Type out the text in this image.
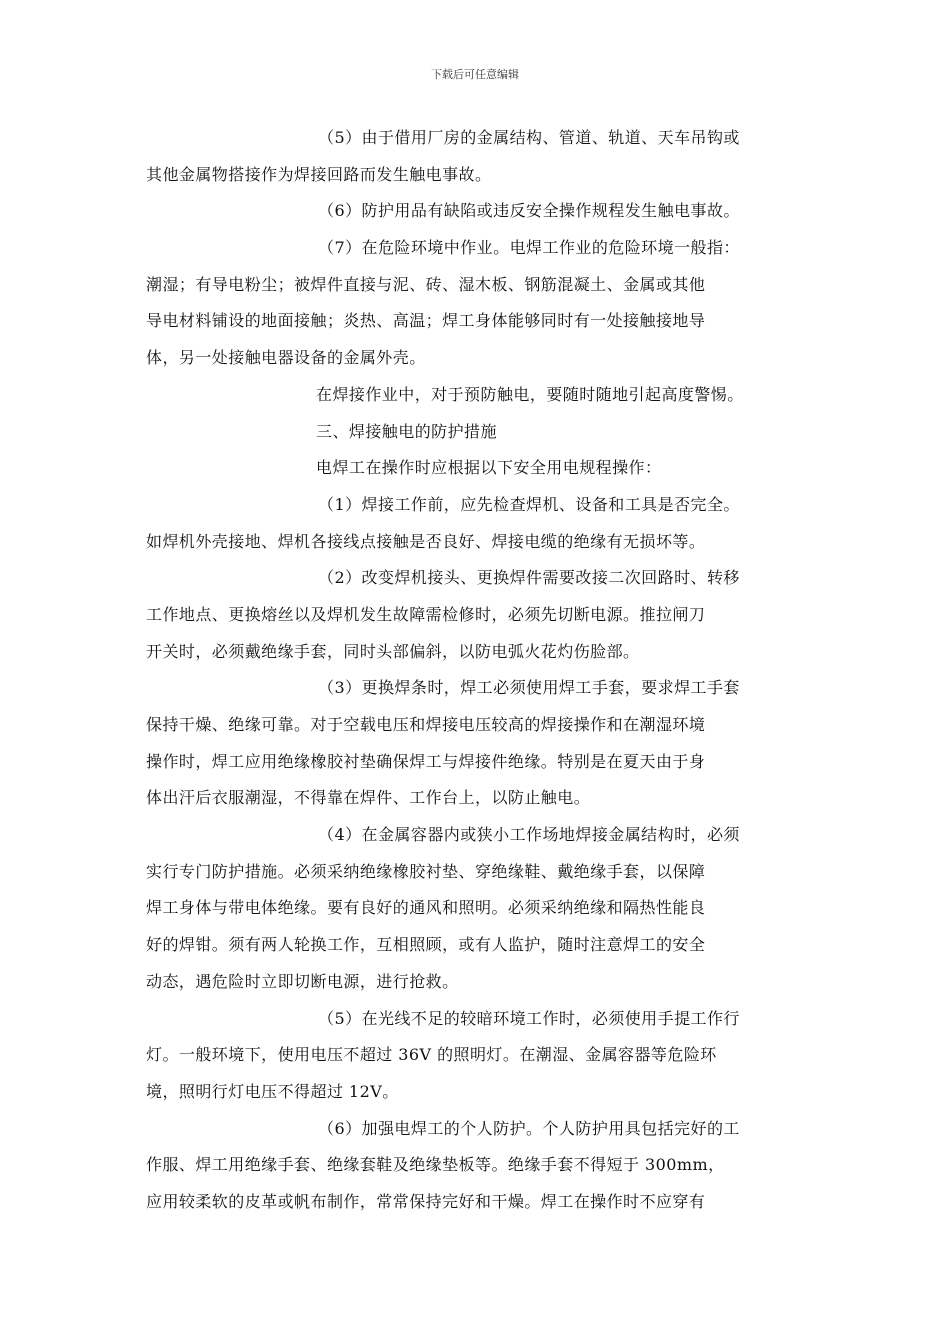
下载后可任意编辑
（5）由于借用厂房的金属结构、管道、轨道、天车吊钩或
其他金属物搭接作为焊接回路而发生触电事故。
（6）防护用品有缺陷或违反安全操作规程发生触电事故。
（7）在危险环境中作业。电焊工作业的危险环境一般指：
潮湿；有导电粉尘；被焊件直接与泥、砖、湿木板、钢筋混凝土、金属或其他
导电材料铺设的地面接触；炎热、高温；焊工身体能够同时有一处接触接地导
体，另一处接触电器设备的金属外壳。
在焊接作业中，对于预防触电，要随时随地引起高度警惕。
三、焊接触电的防护措施
电焊工在操作时应根据以下安全用电规程操作：
（1）焊接工作前，应先检查焊机、设备和工具是否完全。
如焊机外壳接地、焊机各接线点接触是否良好、焊接电缆的绝缘有无损坏等。
（2）改变焊机接头、更换焊件需要改接二次回路时、转移
工作地点、更换熔丝以及焊机发生故障需检修时，必须先切断电源。推拉闸刀
开关时，必须戴绝缘手套，同时头部偏斜，以防电弧火花灼伤脸部。
（3）更换焊条时，焊工必须使用焊工手套，要求焊工手套
保持干燥、绝缘可靠。对于空载电压和焊接电压较高的焊接操作和在潮湿环境
操作时，焊工应用绝缘橡胶衬垫确保焊工与焊接件绝缘。特别是在夏天由于身
体出汗后衣服潮湿，不得靠在焊件、工作台上，以防止触电。
（4）在金属容器内或狭小工作场地焊接金属结构时，必须
实行专门防护措施。必须采纳绝缘橡胶衬垫、穿绝缘鞋、戴绝缘手套，以保障
焊工身体与带电体绝缘。要有良好的通风和照明。必须采纳绝缘和隔热性能良
好的焊钳。须有两人轮换工作，互相照顾，或有人监护，随时注意焊工的安全
动态，遇危险时立即切断电源，进行抢救。
（5）在光线不足的较暗环境工作时，必须使用手提工作行
灯。一般环境下，使用电压不超过 36V 的照明灯。在潮湿、金属容器等危险环
境，照明行灯电压不得超过 12V。
（6）加强电焊工的个人防护。个人防护用具包括完好的工
作服、焊工用绝缘手套、绝缘套鞋及绝缘垫板等。绝缘手套不得短于 300mm，
应用较柔软的皮革或帆布制作，常常保持完好和干燥。焊工在操作时不应穿有
